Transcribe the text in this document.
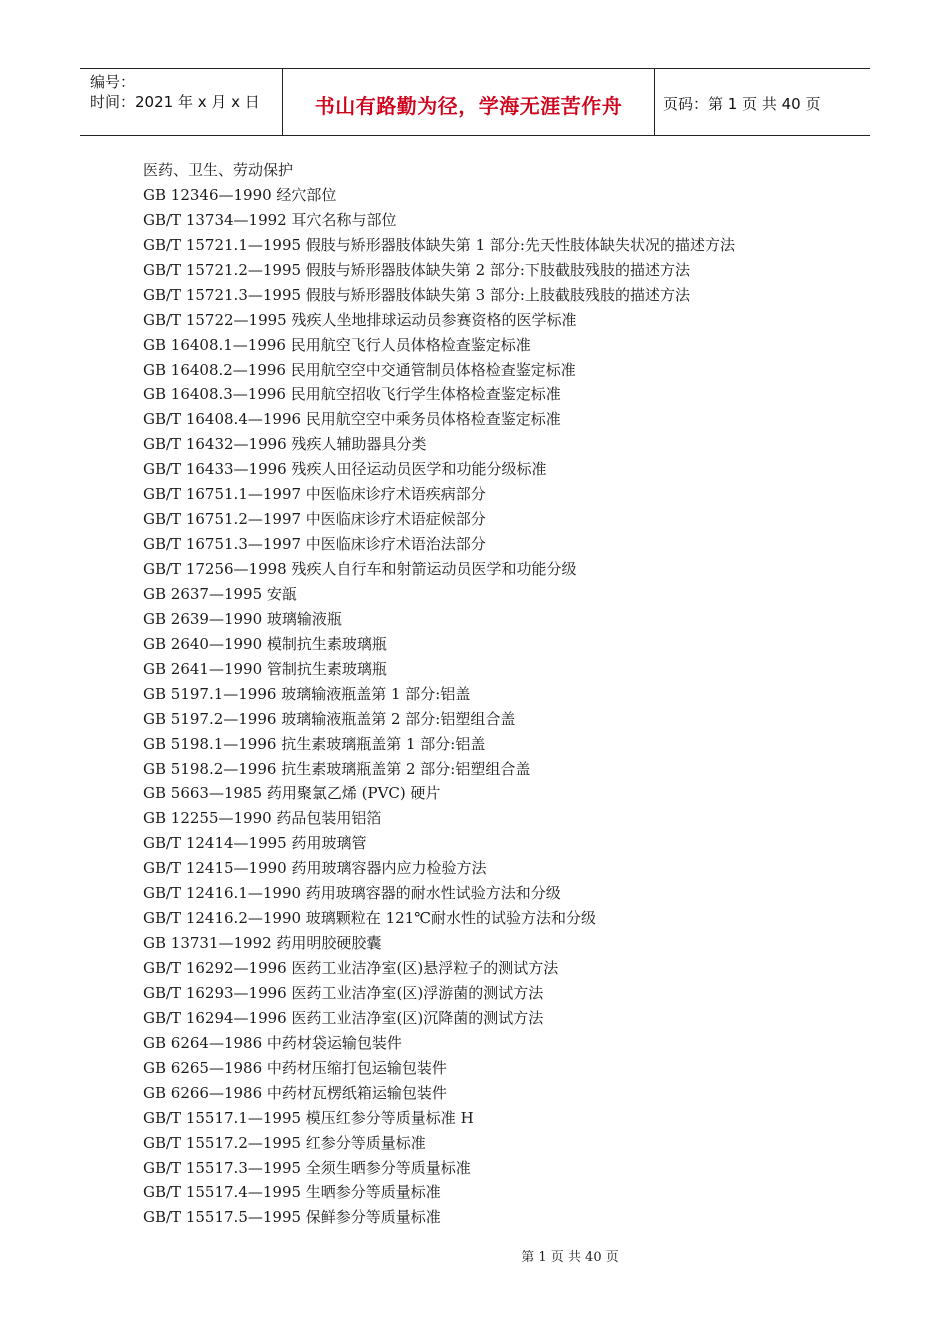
编号：
时间：2021 年 x 月 x 日	书山有路勤为径，学海无涯苦作舟	页码：第 1 页 共 40 页
医药、卫生、劳动保护
GB 12346—1990 经穴部位
GB/T 13734—1992 耳穴名称与部位
GB/T 15721.1—1995 假肢与矫形器肢体缺失第 1 部分:先天性肢体缺失状况的描述方法
GB/T 15721.2—1995 假肢与矫形器肢体缺失第 2 部分:下肢截肢残肢的描述方法
GB/T 15721.3—1995 假肢与矫形器肢体缺失第 3 部分:上肢截肢残肢的描述方法
GB/T 15722—1995 残疾人坐地排球运动员参赛资格的医学标准
GB 16408.1—1996 民用航空飞行人员体格检查鉴定标准
GB 16408.2—1996 民用航空空中交通管制员体格检查鉴定标准
GB 16408.3—1996 民用航空招收飞行学生体格检查鉴定标准
GB/T 16408.4—1996 民用航空空中乘务员体格检查鉴定标准
GB/T 16432—1996 残疾人辅助器具分类
GB/T 16433—1996 残疾人田径运动员医学和功能分级标准
GB/T 16751.1—1997 中医临床诊疗术语疾病部分
GB/T 16751.2—1997 中医临床诊疗术语症候部分
GB/T 16751.3—1997 中医临床诊疗术语治法部分
GB/T 17256—1998 残疾人自行车和射箭运动员医学和功能分级
GB 2637—1995 安瓿
GB 2639—1990 玻璃输液瓶
GB 2640—1990 模制抗生素玻璃瓶
GB 2641—1990 管制抗生素玻璃瓶
GB 5197.1—1996 玻璃输液瓶盖第 1 部分:铝盖
GB 5197.2—1996 玻璃输液瓶盖第 2 部分:铝塑组合盖
GB 5198.1—1996 抗生素玻璃瓶盖第 1 部分:铝盖
GB 5198.2—1996 抗生素玻璃瓶盖第 2 部分:铝塑组合盖
GB 5663—1985 药用聚氯乙烯 (PVC) 硬片
GB 12255—1990 药品包装用铝箔
GB/T 12414—1995 药用玻璃管
GB/T 12415—1990 药用玻璃容器内应力检验方法
GB/T 12416.1—1990 药用玻璃容器的耐水性试验方法和分级
GB/T 12416.2—1990 玻璃颗粒在 121℃耐水性的试验方法和分级
GB 13731—1992 药用明胶硬胶囊
GB/T 16292—1996 医药工业洁净室(区)悬浮粒子的测试方法
GB/T 16293—1996 医药工业洁净室(区)浮游菌的测试方法
GB/T 16294—1996 医药工业洁净室(区)沉降菌的测试方法
GB 6264—1986 中药材袋运输包装件
GB 6265—1986 中药材压缩打包运输包装件
GB 6266—1986 中药材瓦楞纸箱运输包装件
GB/T 15517.1—1995 模压红参分等质量标准 H
GB/T 15517.2—1995 红参分等质量标准
GB/T 15517.3—1995 全须生晒参分等质量标准
GB/T 15517.4—1995 生晒参分等质量标准
GB/T 15517.5—1995 保鲜参分等质量标准
第 1 页 共 40 页
